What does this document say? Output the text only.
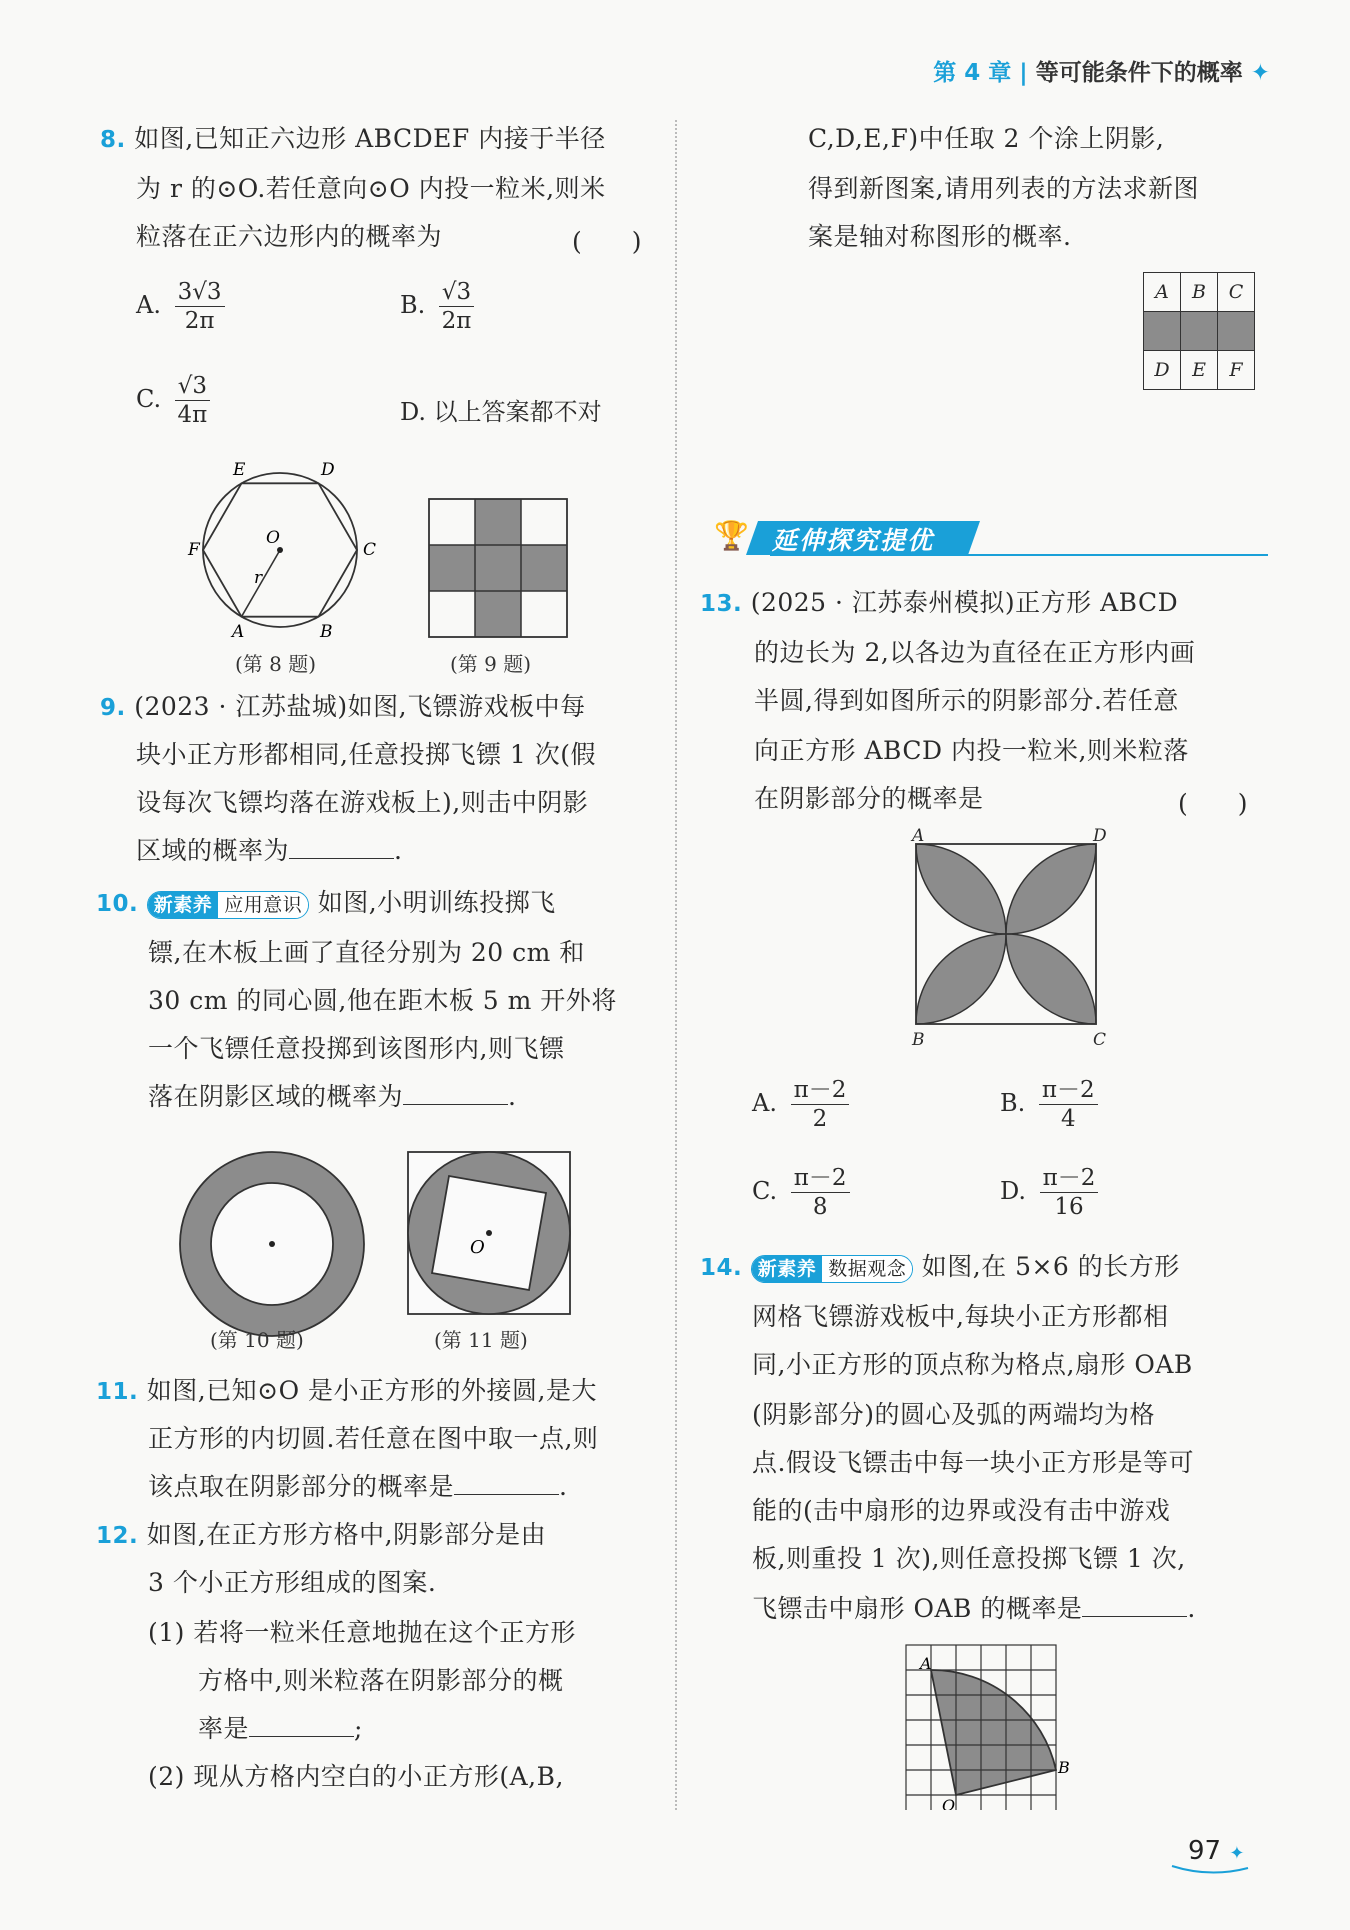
第 4 章 | 等可能条件下的概率 ✦
8. 如图,已知正六边形 ABCDEF 内接于半径
为 r 的⊙O.若任意向⊙O 内投一粒米,则米
粒落在正六边形内的概率为	(　　)
A. $\frac{3√3}{2\pi}$	B. $\frac{√3}{2\pi}$
C. $\frac{√3}{4\pi}$	D. 以上答案都不对
E	D
F	C
A	B
O
r
(第 8 题)	(第 9 题)
9. (2023 · 江苏盐城)如图,飞镖游戏板中每
块小正方形都相同,任意投掷飞镖 1 次(假
设每次飞镖均落在游戏板上),则击中阴影
区域的概率为	.
10. 新素养 应用意识 如图,小明训练投掷飞
镖,在木板上画了直径分别为 20 cm 和
30 cm 的同心圆,他在距木板 5 m 开外将
一个飞镖任意投掷到该图形内,则飞镖
落在阴影区域的概率为	.
(第 10 题)
O
(第 11 题)
11. 如图,已知⊙O 是小正方形的外接圆,是大
正方形的内切圆.若任意在图中取一点,则
该点取在阴影部分的概率是	.
12. 如图,在正方形方格中,阴影部分是由
3 个小正方形组成的图案.
(1) 若将一粒米任意地抛在这个正方形
方格中,则米粒落在阴影部分的概
率是	;
(2) 现从方格内空白的小正方形(A,B,
C,D,E,F)中任取 2 个涂上阴影,
得到新图案,请用列表的方法求新图
案是轴对称图形的概率.
A	B	C

D	E	F
🏆 延伸探究提优
13. (2025 · 江苏泰州模拟)正方形 ABCD
的边长为 2,以各边为直径在正方形内画
半圆,得到如图所示的阴影部分.若任意
向正方形 ABCD 内投一粒米,则米粒落
在阴影部分的概率是	(　　)
A	D
B	C
A. $\frac{\pi-2}{2}$	B. $\frac{\pi-2}{4}$
C. $\frac{\pi-2}{8}$	D. $\frac{\pi-2}{16}$
14. 新素养 数据观念 如图,在 5×6 的长方形
网格飞镖游戏板中,每块小正方形都相
同,小正方形的顶点称为格点,扇形 OAB
(阴影部分)的圆心及弧的两端均为格
点.假设飞镖击中每一块小正方形是等可
能的(击中扇形的边界或没有击中游戏
板,则重投 1 次),则任意投掷飞镖 1 次,
飞镖击中扇形 OAB 的概率是	.
A
B
O
97 ✦
